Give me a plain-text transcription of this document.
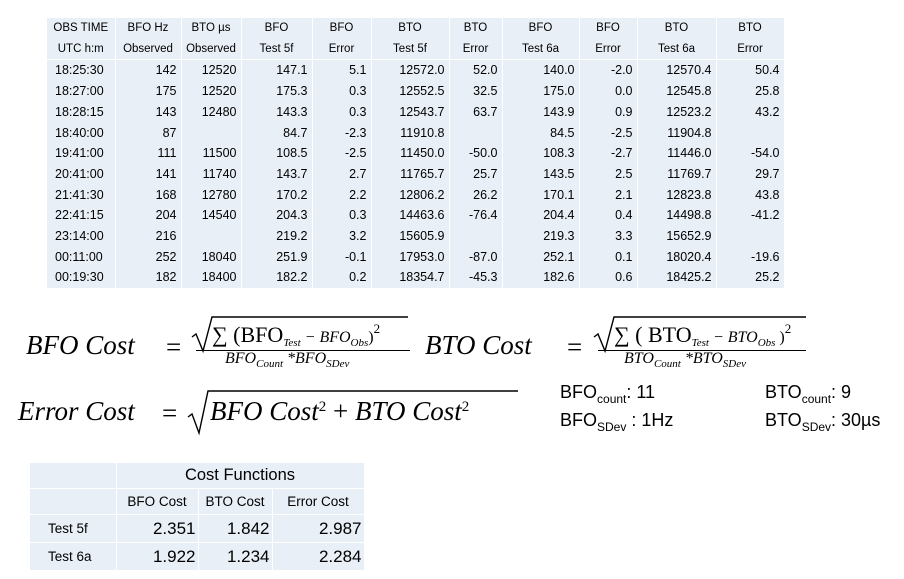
OBS TIME	BFO Hz	BTO µs	BFO	BFO	BTO	BTO	BFO	BFO	BTO	BTO
UTC h:m	Observed	Observed	Test 5f	Error	Test 5f	Error	Test 6a	Error	Test 6a	Error
18:25:30	142	12520	147.1	5.1	12572.0	52.0	140.0	-2.0	12570.4	50.4
18:27:00	175	12520	175.3	0.3	12552.5	32.5	175.0	0.0	12545.8	25.8
18:28:15	143	12480	143.3	0.3	12543.7	63.7	143.9	0.9	12523.2	43.2
18:40:00	87		84.7	-2.3	11910.8		84.5	-2.5	11904.8	
19:41:00	111	11500	108.5	-2.5	11450.0	-50.0	108.3	-2.7	11446.0	-54.0
20:41:00	141	11740	143.7	2.7	11765.7	25.7	143.5	2.5	11769.7	29.7
21:41:30	168	12780	170.2	2.2	12806.2	26.2	170.1	2.1	12823.8	43.8
22:41:15	204	14540	204.3	0.3	14463.6	-76.4	204.4	0.4	14498.8	-41.2
23:14:00	216		219.2	3.2	15605.9		219.3	3.3	15652.9	
00:11:00	252	18040	251.9	-0.1	17953.0	-87.0	252.1	0.1	18020.4	-19.6
00:19:30	182	18400	182.2	0.2	18354.7	-45.3	182.6	0.6	18425.2	25.2
BFO Cost = ∑ $(BFO_{Test} - BFO_{Obs})^2$
$BFO_{Count}$ $*BFO_{SDev}$
BTO Cost = ∑ ( $BTO_{Test} - BTO_{Obs}$ )$^2$
$BTO_{Count}$ $*BTO_{SDev}$
Error Cost = BFO Cost$^2$ + BTO Cost$^2$
$BFO_{count}$: 11	$BTO_{count}$: 9
$BFO_{SDev}$ : 1Hz	$BTO_{SDev}$: 30µs
	Cost Functions		
	BFO Cost	BTO Cost	Error Cost
Test 5f	2.351	1.842	2.987
Test 6a	1.922	1.234	2.284
